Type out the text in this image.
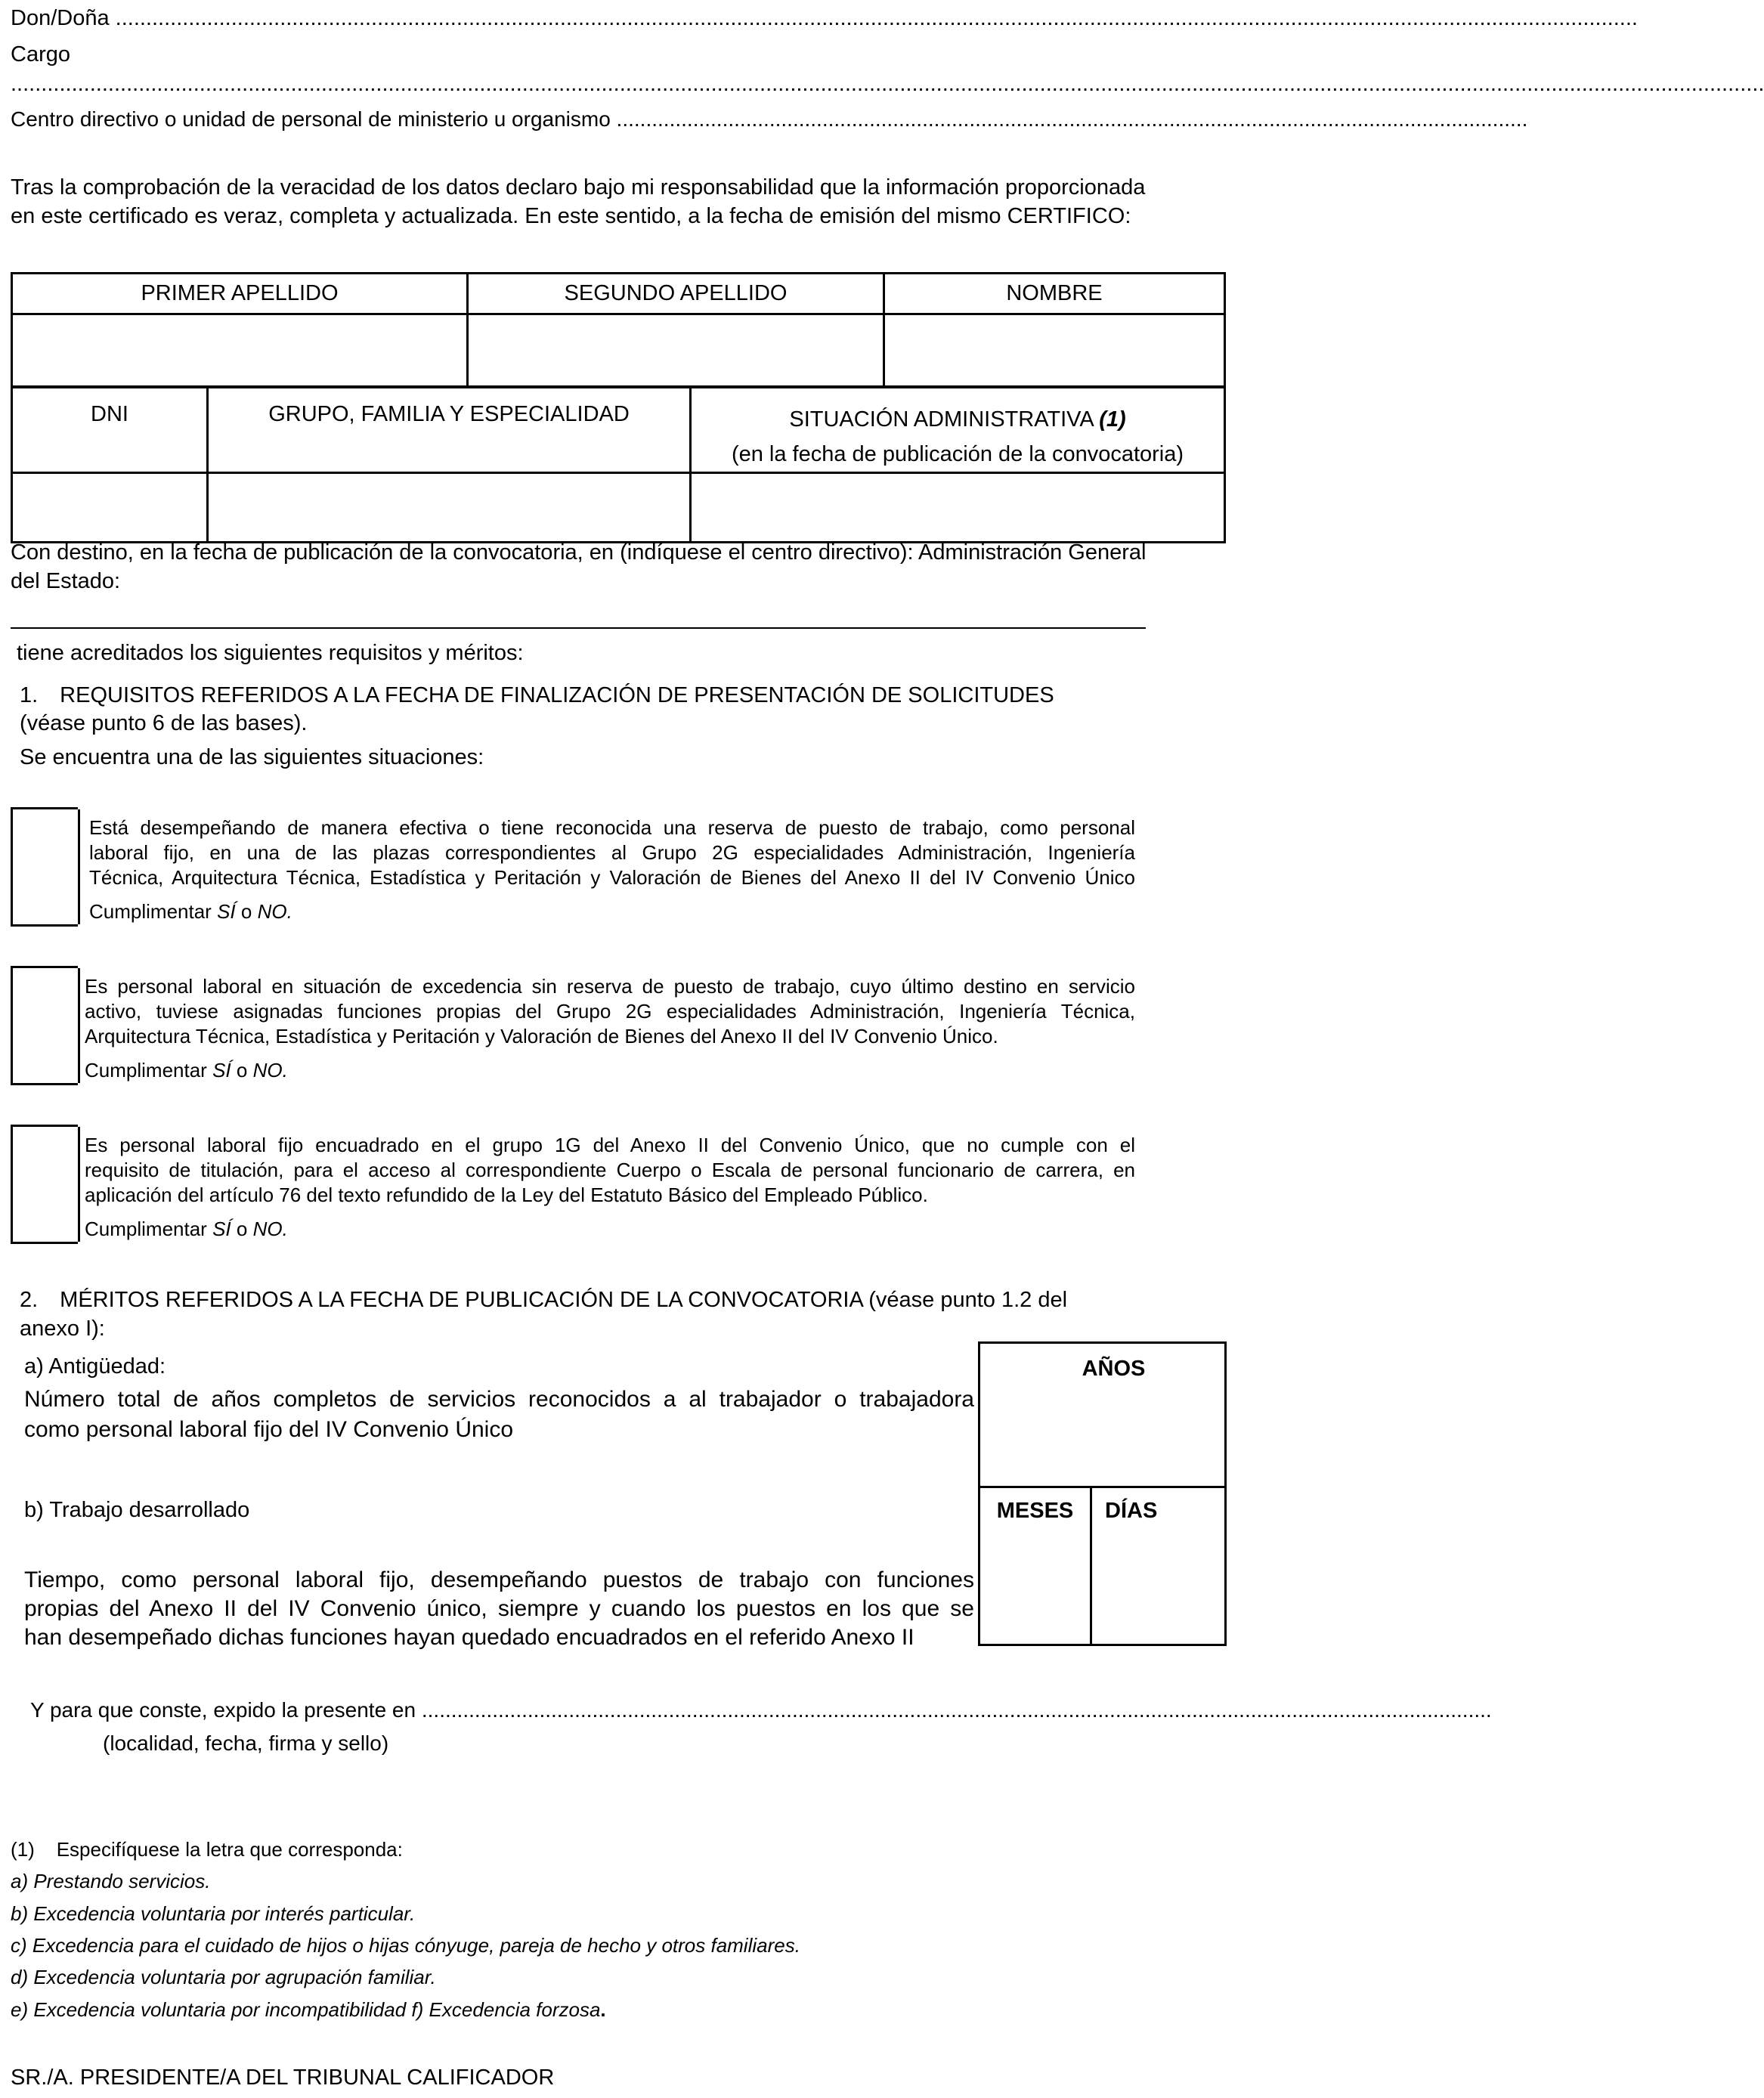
Don/Doña ..........................................................................................................................................................................................................................................................
Cargo
................................................................................................................................................................................................................................................................................................
Centro directivo o unidad de personal de ministerio u organismo ...........................................................................................................................................................
Tras la comprobación de la veracidad de los datos declaro bajo mi responsabilidad que la información proporcionada
en este certificado es veraz, completa y actualizada. En este sentido, a la fecha de emisión del mismo CERTIFICO:
PRIMER APELLIDO	SEGUNDO APELLIDO	NOMBRE

DNI	GRUPO, FAMILIA Y ESPECIALIDAD	SITUACIÓN ADMINISTRATIVA (1)
(en la fecha de publicación de la convocatoria)

Con destino, en la fecha de publicación de la convocatoria, en (indíquese el centro directivo): Administración General
del Estado:
tiene acreditados los siguientes requisitos y méritos:
1. REQUISITOS REFERIDOS A LA FECHA DE FINALIZACIÓN DE PRESENTACIÓN DE SOLICITUDES
(véase punto 6 de las bases).
Se encuentra una de las siguientes situaciones:
Está desempeñando de manera efectiva o tiene reconocida una reserva de puesto de trabajo, como personal
laboral fijo, en una de las plazas correspondientes al Grupo 2G especialidades Administración, Ingeniería
Técnica, Arquitectura Técnica, Estadística y Peritación y Valoración de Bienes del Anexo II del IV Convenio Único
Cumplimentar SÍ o NO.
Es personal laboral en situación de excedencia sin reserva de puesto de trabajo, cuyo último destino en servicio
activo, tuviese asignadas funciones propias del Grupo 2G especialidades Administración, Ingeniería Técnica,
Arquitectura Técnica, Estadística y Peritación y Valoración de Bienes del Anexo II del IV Convenio Único.
Cumplimentar SÍ o NO.
Es personal laboral fijo encuadrado en el grupo 1G del Anexo II del Convenio Único, que no cumple con el
requisito de titulación, para el acceso al correspondiente Cuerpo o Escala de personal funcionario de carrera, en
aplicación del artículo 76 del texto refundido de la Ley del Estatuto Básico del Empleado Público.
Cumplimentar SÍ o NO.
2. MÉRITOS REFERIDOS A LA FECHA DE PUBLICACIÓN DE LA CONVOCATORIA (véase punto 1.2 del
anexo I):
a) Antigüedad:
Número total de años completos de servicios reconocidos a al trabajador o trabajadora
como personal laboral fijo del IV Convenio Único
b) Trabajo desarrollado
Tiempo, como personal laboral fijo, desempeñando puestos de trabajo con funciones
propias del Anexo II del IV Convenio único, siempre y cuando los puestos en los que se
han desempeñado dichas funciones hayan quedado encuadrados en el referido Anexo II
AÑOS
MESES	DÍAS
Y para que conste, expido la presente en ......................................................................................................................................................................................
(localidad, fecha, firma y sello)
(1) Especifíquese la letra que corresponda:
a) Prestando servicios.
b) Excedencia voluntaria por interés particular.
c) Excedencia para el cuidado de hijos o hijas cónyuge, pareja de hecho y otros familiares.
d) Excedencia voluntaria por agrupación familiar.
e) Excedencia voluntaria por incompatibilidad f) Excedencia forzosa.
SR./A. PRESIDENTE/A DEL TRIBUNAL CALIFICADOR
